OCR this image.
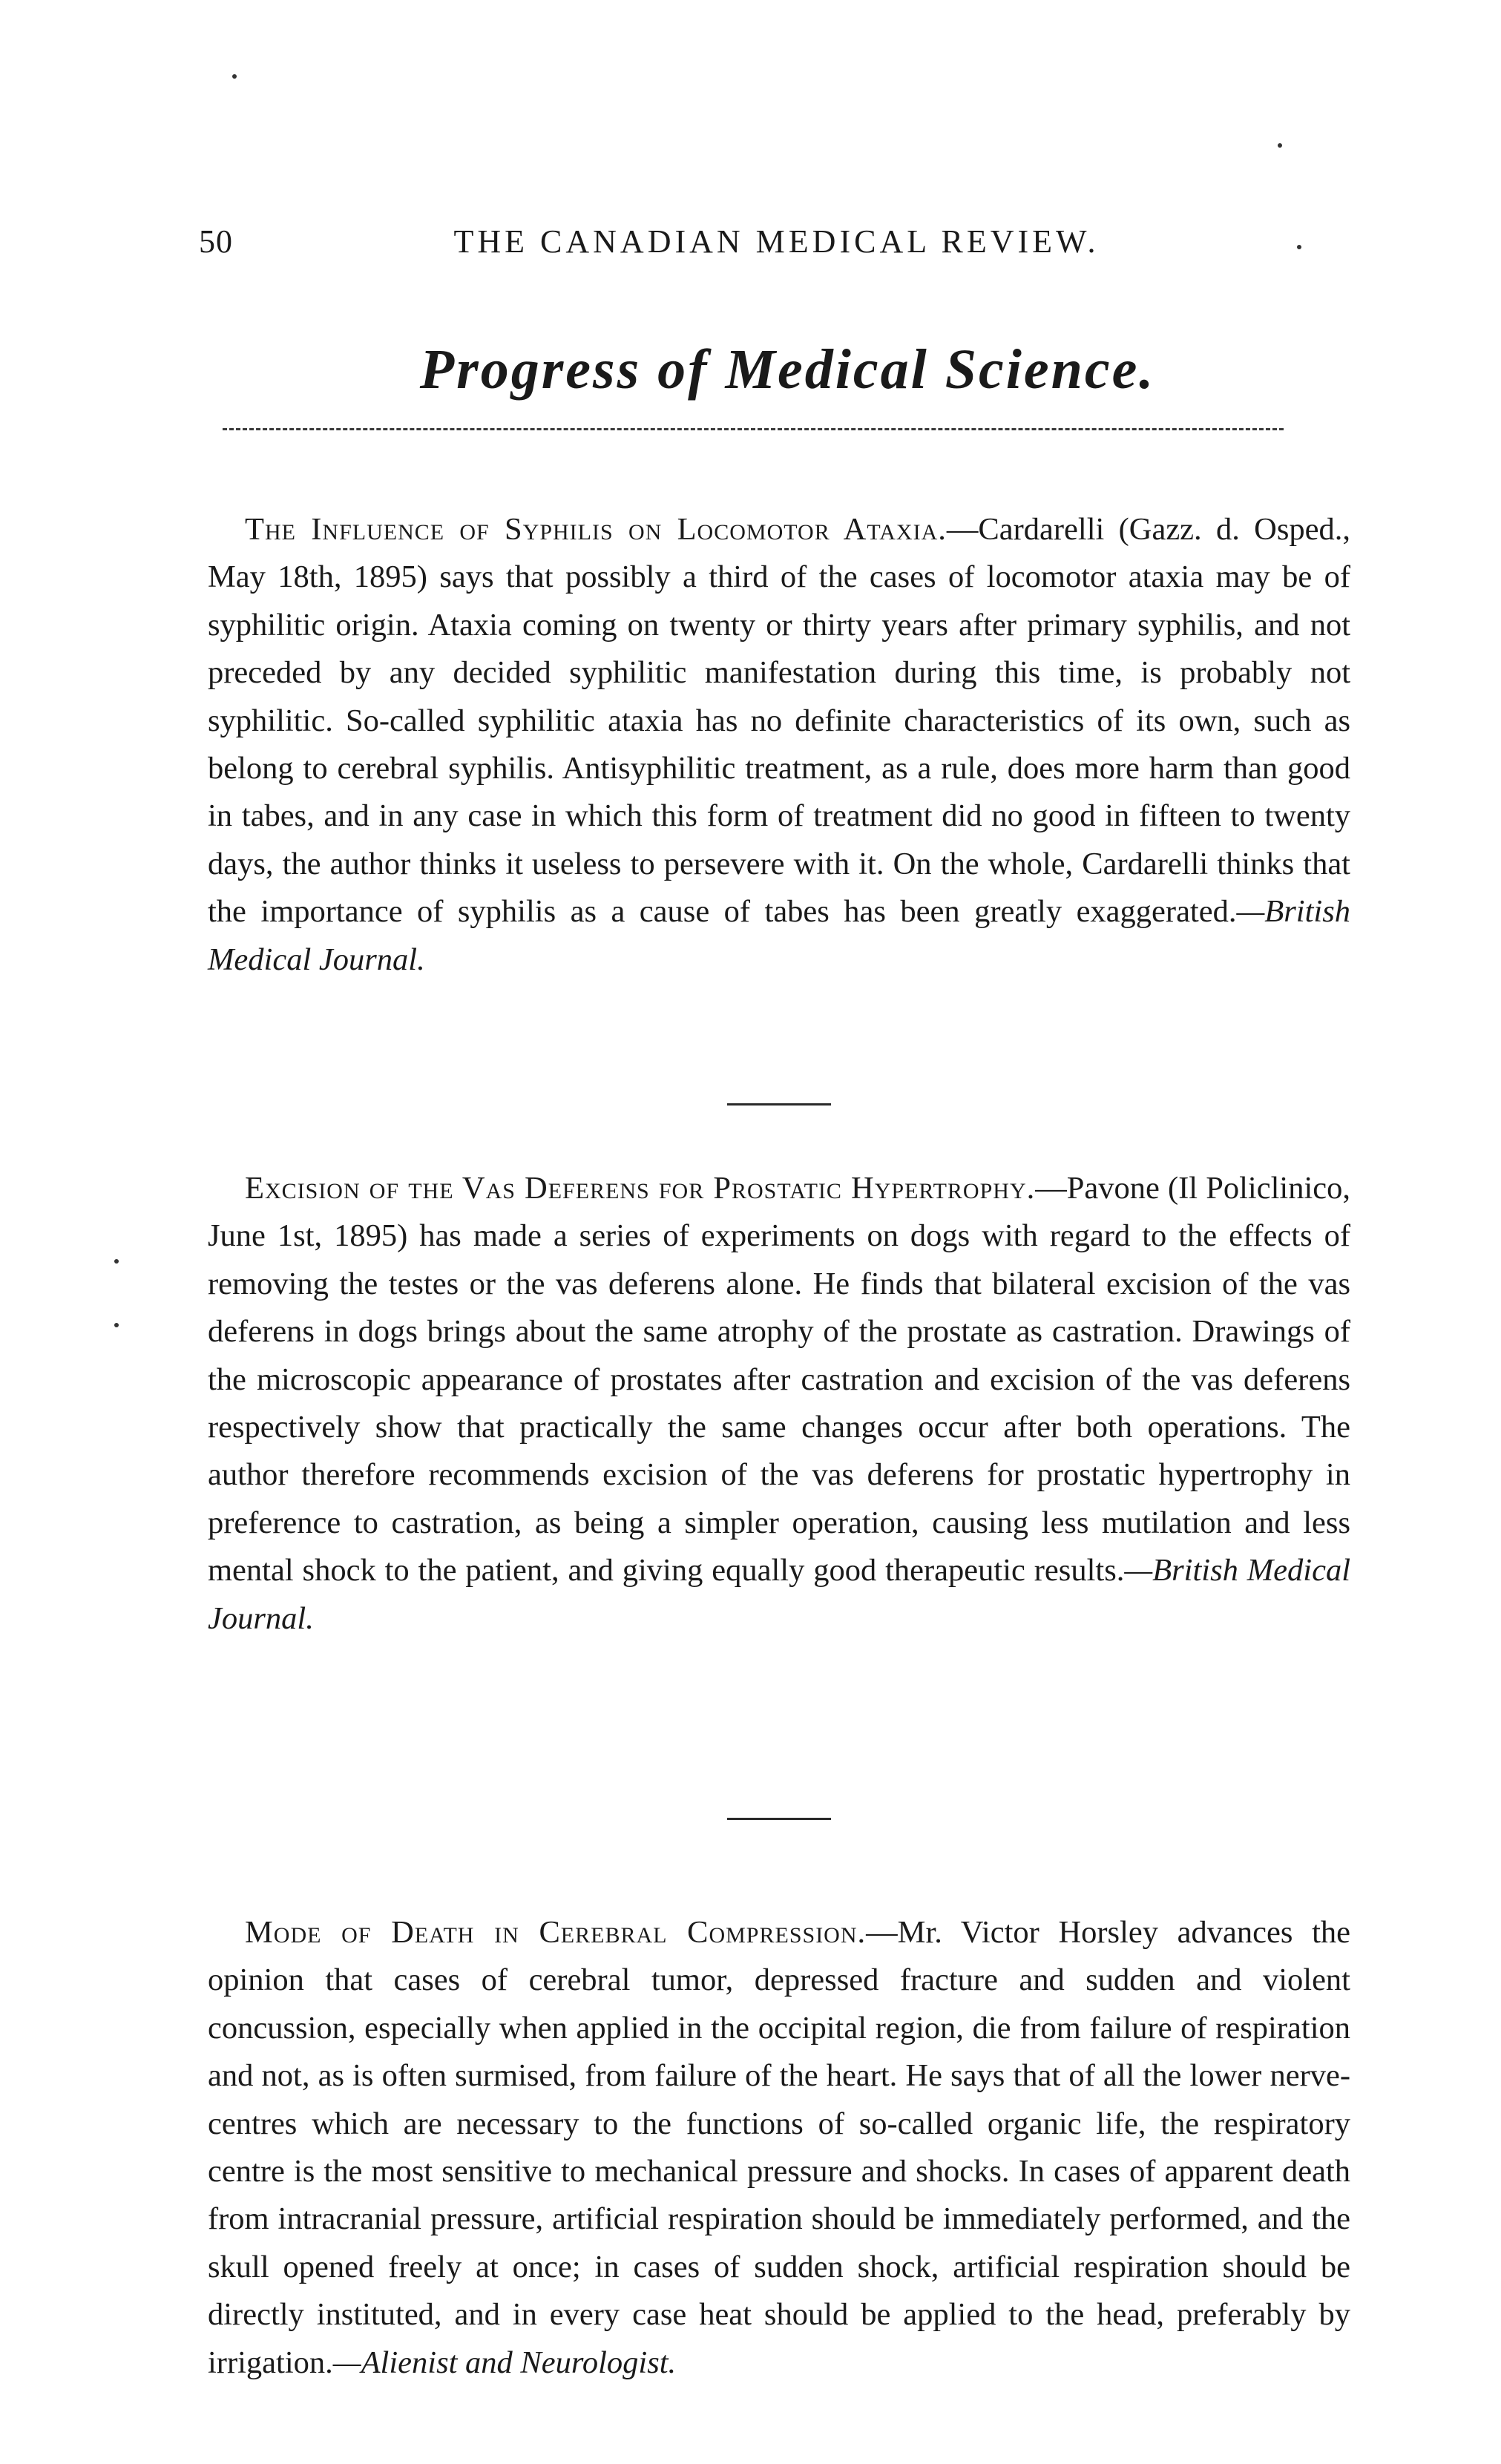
50	THE CANADIAN MEDICAL REVIEW.
Progress of Medical Science.

The Influence of Syphilis on Locomotor Ataxia.—Cardarelli (Gazz. d. Osped., May 18th, 1895) says that possibly a third of the cases of locomotor ataxia may be of syphilitic origin. Ataxia coming on twenty or thirty years after primary syphilis, and not preceded by any decided syphilitic manifestation during this time, is probably not syphilitic. So-called syphilitic ataxia has no definite characteristics of its own, such as belong to cerebral syphilis. Antisyphilitic treatment, as a rule, does more harm than good in tabes, and in any case in which this form of treatment did no good in fifteen to twenty days, the author thinks it useless to persevere with it. On the whole, Cardarelli thinks that the importance of syphilis as a cause of tabes has been greatly exaggerated.—British Medical Journal.

Excision of the Vas Deferens for Prostatic Hypertrophy.—Pavone (Il Policlinico, June 1st, 1895) has made a series of experiments on dogs with regard to the effects of removing the testes or the vas deferens alone. He finds that bilateral excision of the vas deferens in dogs brings about the same atrophy of the prostate as castration. Drawings of the microscopic appearance of prostates after castration and excision of the vas deferens respectively show that practically the same changes occur after both operations. The author therefore recommends excision of the vas deferens for prostatic hypertrophy in preference to castration, as being a simpler operation, causing less mutilation and less mental shock to the patient, and giving equally good therapeutic results.—British Medical Journal.

Mode of Death in Cerebral Compression.—Mr. Victor Horsley advances the opinion that cases of cerebral tumor, depressed fracture and sudden and violent concussion, especially when applied in the occipital region, die from failure of respiration and not, as is often surmised, from failure of the heart. He says that of all the lower nerve-centres which are necessary to the functions of so-called organic life, the respiratory centre is the most sensitive to mechanical pressure and shocks. In cases of apparent death from intracranial pressure, artificial respiration should be immediately performed, and the skull opened freely at once; in cases of sudden shock, artificial respiration should be directly instituted, and in every case heat should be applied to the head, preferably by irrigation.—Alienist and Neurologist.
